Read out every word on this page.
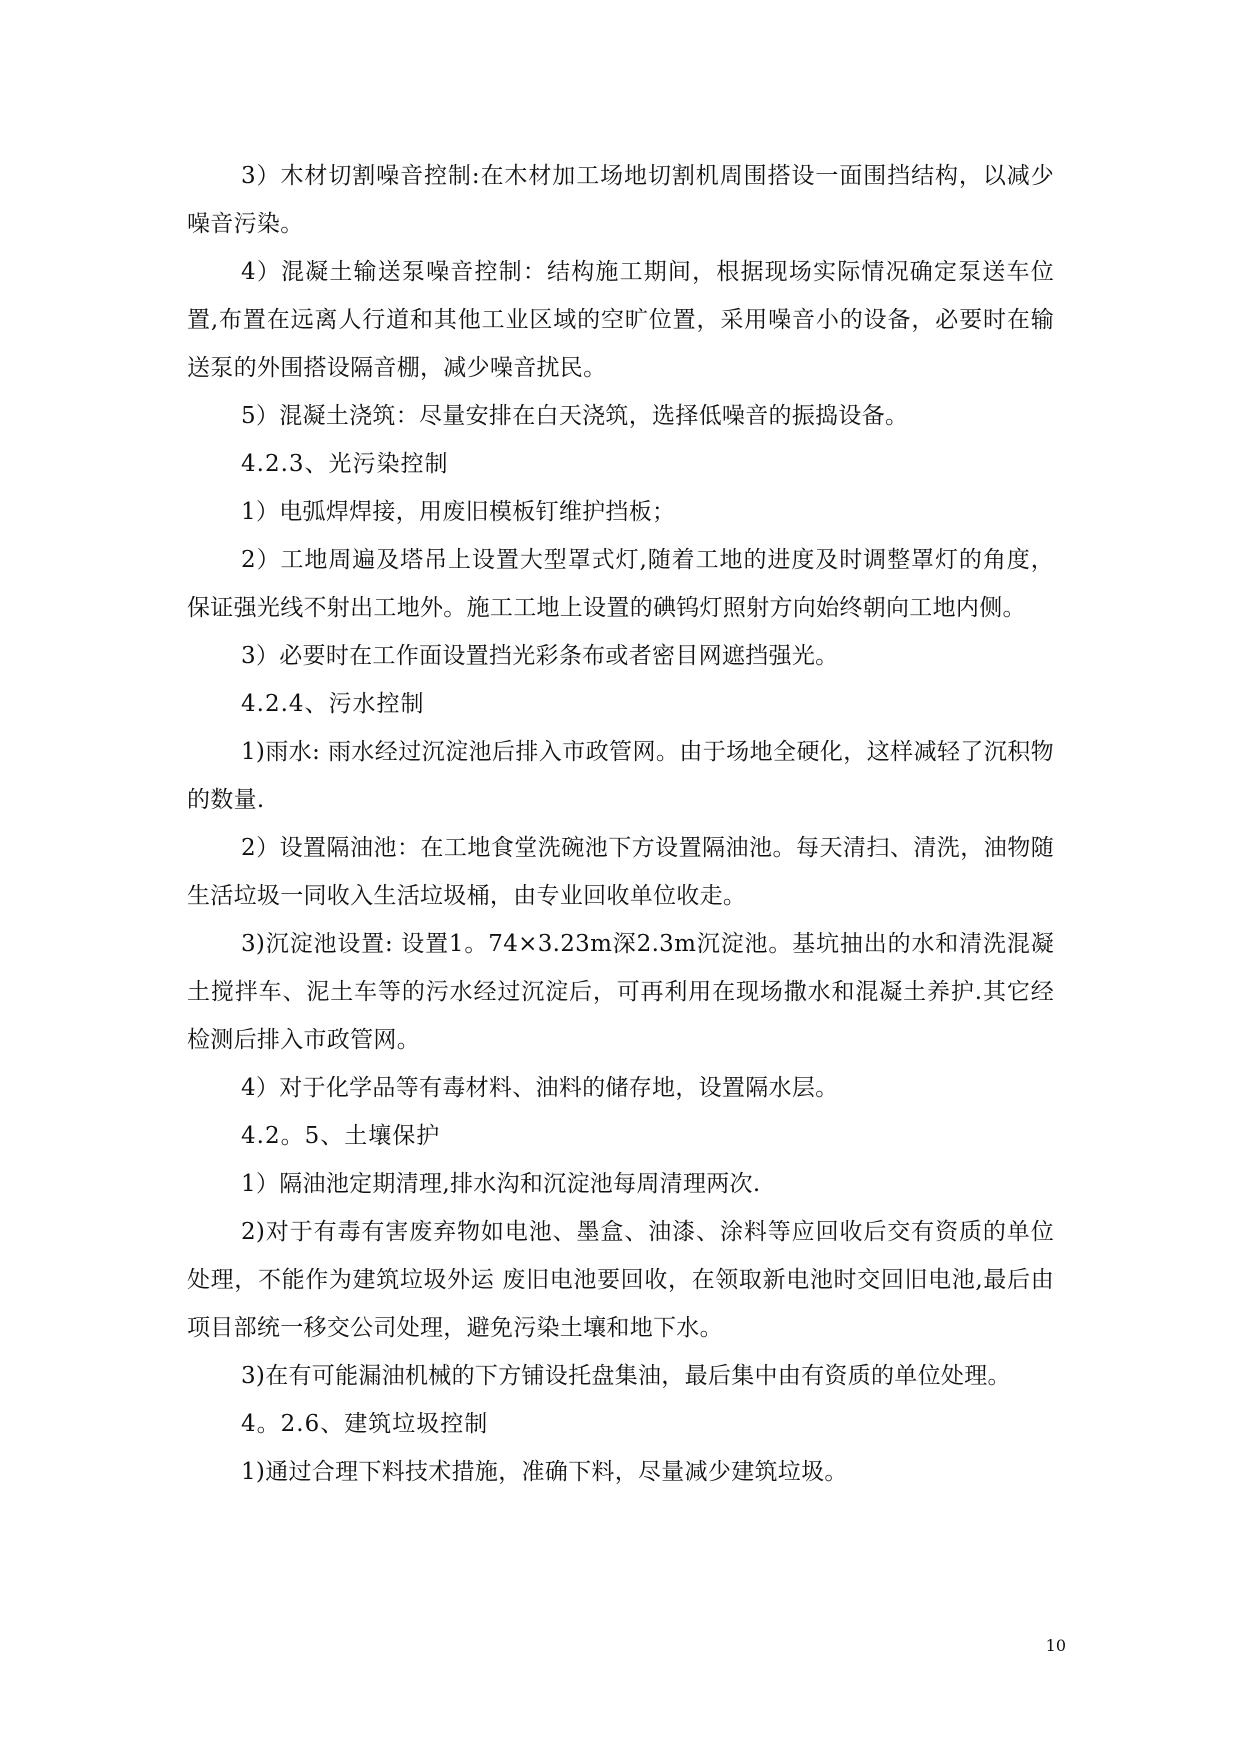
3）木材切割噪音控制:在木材加工场地切割机周围搭设一面围挡结构，以减少噪音污染。

4）混凝土输送泵噪音控制：结构施工期间，根据现场实际情况确定泵送车位置,布置在远离人行道和其他工业区域的空旷位置，采用噪音小的设备，必要时在输送泵的外围搭设隔音棚，减少噪音扰民。

5）混凝土浇筑：尽量安排在白天浇筑，选择低噪音的振捣设备。

4.2.3、光污染控制

1）电弧焊焊接，用废旧模板钉维护挡板；

2）工地周遍及塔吊上设置大型罩式灯,随着工地的进度及时调整罩灯的角度，保证强光线不射出工地外。施工工地上设置的碘钨灯照射方向始终朝向工地内侧。

3）必要时在工作面设置挡光彩条布或者密目网遮挡强光。

4.2.4、污水控制

1)雨水: 雨水经过沉淀池后排入市政管网。由于场地全硬化，这样减轻了沉积物的数量.

2）设置隔油池：在工地食堂洗碗池下方设置隔油池。每天清扫、清洗，油物随生活垃圾一同收入生活垃圾桶，由专业回收单位收走。

3)沉淀池设置: 设置1。74×3.23m深2.3m沉淀池。基坑抽出的水和清洗混凝土搅拌车、泥土车等的污水经过沉淀后，可再利用在现场撒水和混凝土养护.其它经检测后排入市政管网。

4）对于化学品等有毒材料、油料的储存地，设置隔水层。

4.2。5、土壤保护

1）隔油池定期清理,排水沟和沉淀池每周清理两次.

2)对于有毒有害废弃物如电池、墨盒、油漆、涂料等应回收后交有资质的单位处理，不能作为建筑垃圾外运 废旧电池要回收，在领取新电池时交回旧电池,最后由项目部统一移交公司处理，避免污染土壤和地下水。

3)在有可能漏油机械的下方铺设托盘集油，最后集中由有资质的单位处理。

4。2.6、建筑垃圾控制

1)通过合理下料技术措施，准确下料，尽量减少建筑垃圾。

10
